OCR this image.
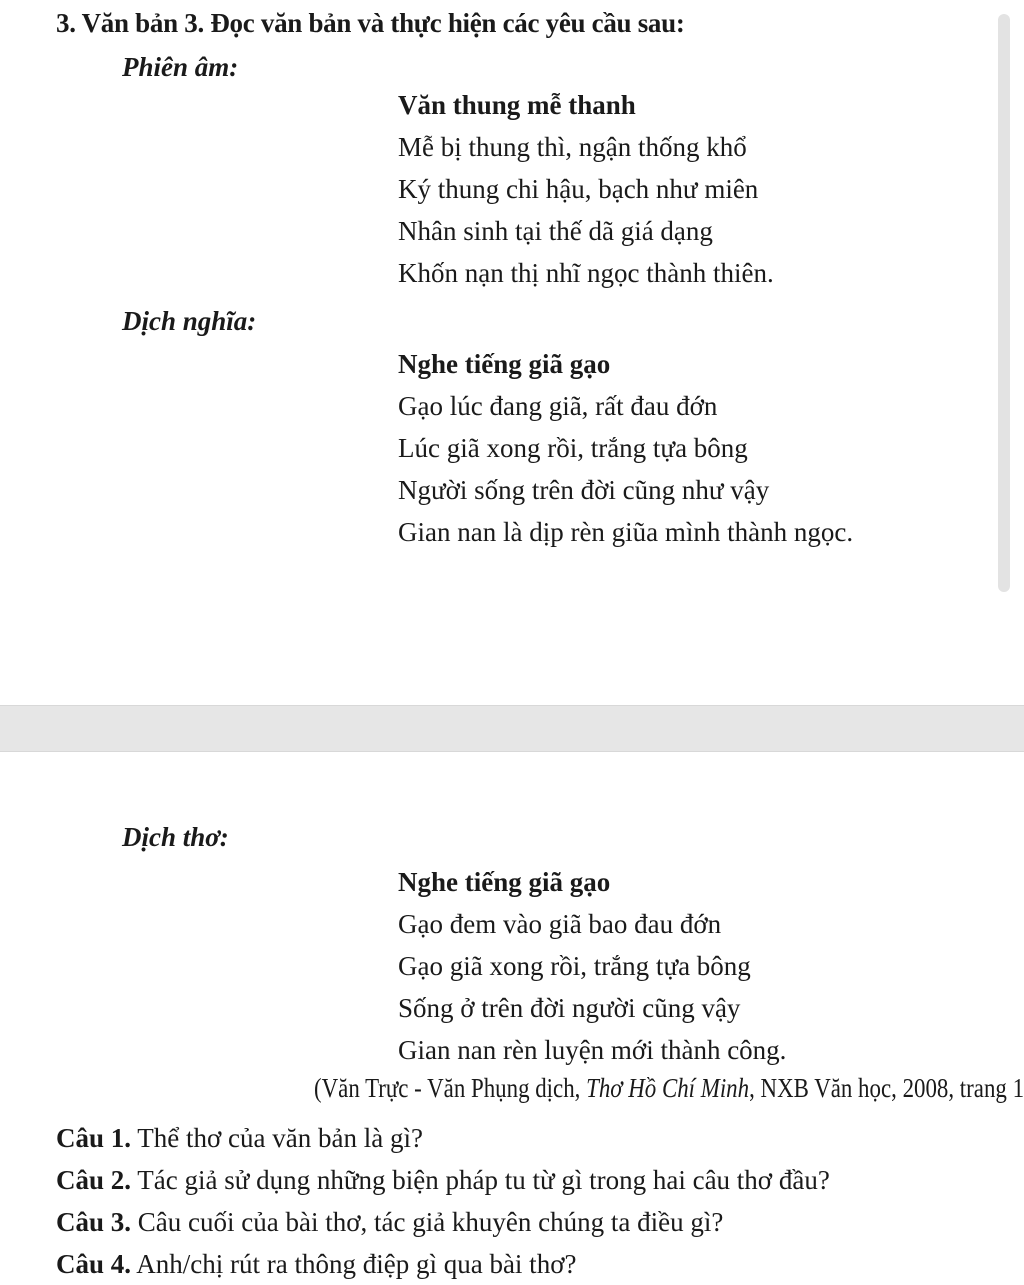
3. Văn bản 3. Đọc văn bản và thực hiện các yêu cầu sau:
Phiên âm:
Văn thung mễ thanh
Mễ bị thung thì, ngận thống khổ
Ký thung chi hậu, bạch như miên
Nhân sinh tại thế dã giá dạng
Khốn nạn thị nhĩ ngọc thành thiên.
Dịch nghĩa:
Nghe tiếng giã gạo
Gạo lúc đang giã, rất đau đớn
Lúc giã xong rồi, trắng tựa bông
Người sống trên đời cũng như vậy
Gian nan là dịp rèn giũa mình thành ngọc.
Dịch thơ:
Nghe tiếng giã gạo
Gạo đem vào giã bao đau đớn
Gạo giã xong rồi, trắng tựa bông
Sống ở trên đời người cũng vậy
Gian nan rèn luyện mới thành công.
(Văn Trực - Văn Phụng dịch, Thơ Hồ Chí Minh, NXB Văn học, 2008, trang 1
Câu 1. Thể thơ của văn bản là gì?
Câu 2. Tác giả sử dụng những biện pháp tu từ gì trong hai câu thơ đầu?
Câu 3. Câu cuối của bài thơ, tác giả khuyên chúng ta điều gì?
Câu 4. Anh/chị rút ra thông điệp gì qua bài thơ?
